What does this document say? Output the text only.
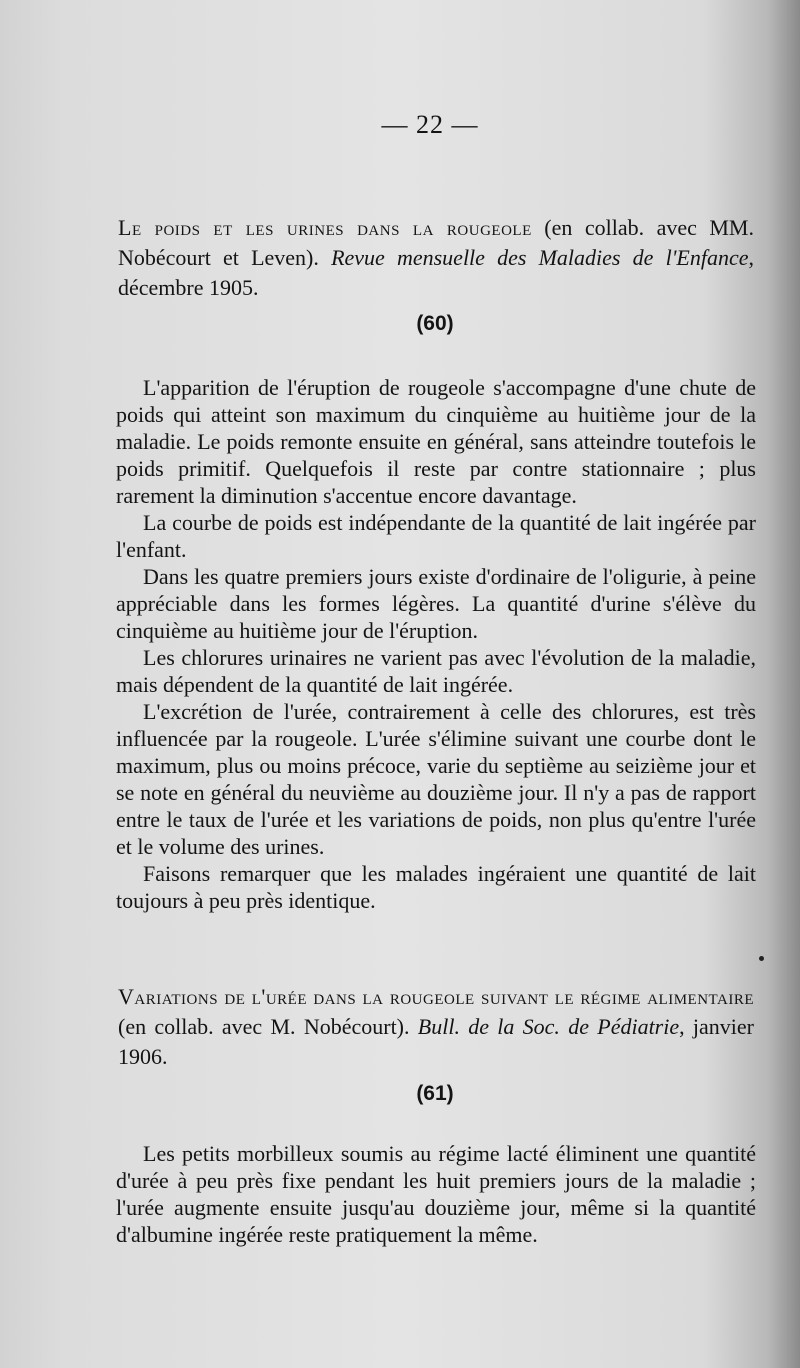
— 22 —
Le poids et les urines dans la rougeole (en collab. avec MM. Nobécourt et Leven). Revue mensuelle des Maladies de l'Enfance, décembre 1905.
(60)

L'apparition de l'éruption de rougeole s'accompagne d'une chute de poids qui atteint son maximum du cinquième au huitième jour de la maladie. Le poids remonte ensuite en général, sans atteindre toutefois le poids primitif. Quelquefois il reste par contre stationnaire ; plus rarement la diminution s'accentue encore davantage.

La courbe de poids est indépendante de la quantité de lait ingérée par l'enfant.

Dans les quatre premiers jours existe d'ordinaire de l'oligurie, à peine appréciable dans les formes légères. La quantité d'urine s'élève du cinquième au huitième jour de l'éruption.

Les chlorures urinaires ne varient pas avec l'évolution de la maladie, mais dépendent de la quantité de lait ingérée.

L'excrétion de l'urée, contrairement à celle des chlorures, est très influencée par la rougeole. L'urée s'élimine suivant une courbe dont le maximum, plus ou moins précoce, varie du septième au seizième jour et se note en général du neuvième au douzième jour. Il n'y a pas de rapport entre le taux de l'urée et les variations de poids, non plus qu'entre l'urée et le volume des urines.

Faisons remarquer que les malades ingéraient une quantité de lait toujours à peu près identique.

Variations de l'urée dans la rougeole suivant le régime alimentaire (en collab. avec M. Nobécourt). Bull. de la Soc. de Pédiatrie, janvier 1906.
(61)

Les petits morbilleux soumis au régime lacté éliminent une quantité d'urée à peu près fixe pendant les huit premiers jours de la maladie ; l'urée augmente ensuite jusqu'au douzième jour, même si la quantité d'albumine ingérée reste pratiquement la même.
